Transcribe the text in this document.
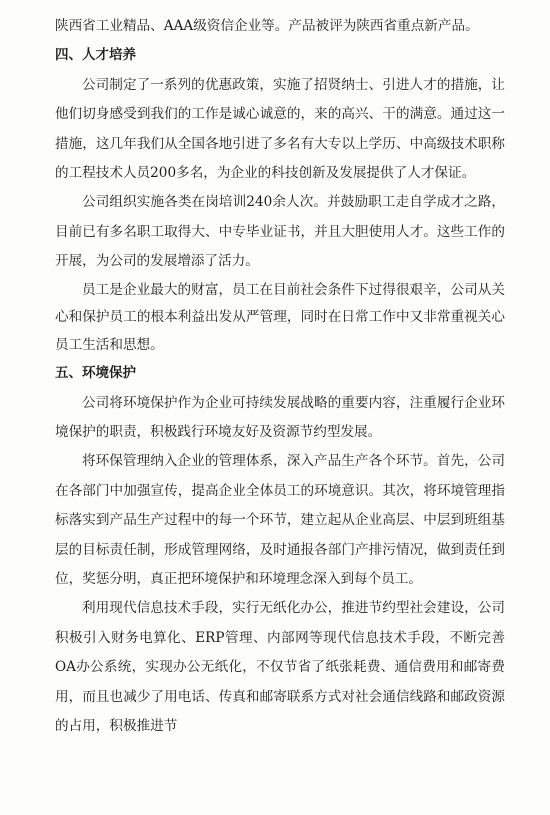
陕西省工业精品、AAA级资信企业等。产品被评为陕西省重点新产品。

四、人才培养

公司制定了一系列的优惠政策，实施了招贤纳士、引进人才的措施，让他们切身感受到我们的工作是诚心诚意的，来的高兴、干的满意。通过这一措施，这几年我们从全国各地引进了多名有大专以上学历、中高级技术职称的工程技术人员200多名，为企业的科技创新及发展提供了人才保证。

公司组织实施各类在岗培训240余人次。并鼓励职工走自学成才之路，目前已有多名职工取得大、中专毕业证书，并且大胆使用人才。这些工作的开展，为公司的发展增添了活力。

员工是企业最大的财富，员工在目前社会条件下过得很艰辛，公司从关心和保护员工的根本利益出发从严管理，同时在日常工作中又非常重视关心员工生活和思想。

五、环境保护

公司将环境保护作为企业可持续发展战略的重要内容，注重履行企业环境保护的职责，积极践行环境友好及资源节约型发展。

将环保管理纳入企业的管理体系，深入产品生产各个环节。首先，公司在各部门中加强宣传，提高企业全体员工的环境意识。其次，将环境管理指标落实到产品生产过程中的每一个环节，建立起从企业高层、中层到班组基层的目标责任制，形成管理网络，及时通报各部门产排污情况，做到责任到位，奖惩分明，真正把环境保护和环境理念深入到每个员工。

利用现代信息技术手段，实行无纸化办公，推进节约型社会建设，公司积极引入财务电算化、ERP管理、内部网等现代信息技术手段，不断完善OA办公系统，实现办公无纸化，不仅节省了纸张耗费、通信费用和邮寄费用，而且也减少了用电话、传真和邮寄联系方式对社会通信线路和邮政资源的占用，积极推进节
